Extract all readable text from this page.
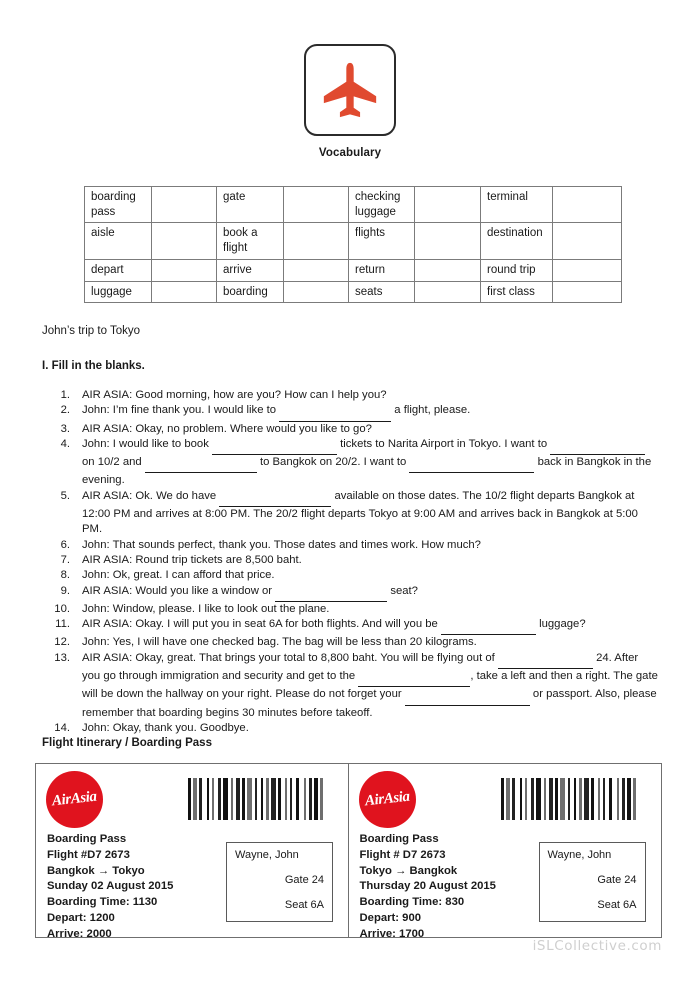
Vocabulary
boarding pass		gate		checking luggage		terminal	
aisle		book a flight		flights		destination	
depart		arrive		return		round trip	
luggage		boarding		seats		first class	
John’s trip to Tokyo
I. Fill in the blanks.
1.	AIR ASIA: Good morning, how are you? How can I help you?
2.	John: I’m fine thank you. I would like to	a flight, please.
3.	AIR ASIA: Okay, no problem. Where would you like to go?
4.	John: I would like to book	tickets to Narita Airport in Tokyo. I want to   on 10/2 and	to Bangkok on 20/2. I want to	back in Bangkok in the evening.
5.	AIR ASIA: Ok. We do have	available on those dates. The 10/2 flight departs Bangkok at 12:00 PM and arrives at 8:00 PM. The 20/2 flight departs Tokyo at 9:00 AM and arrives back in Bangkok at 5:00 PM.
6.	John: That sounds perfect, thank you. Those dates and times work. How much?
7.	AIR ASIA: Round trip tickets are 8,500 baht.
8.	John: Ok, great. I can afford that price.
9.	AIR ASIA: Would you like a window or	seat?
10.	John: Window, please. I like to look out the plane.
11.	AIR ASIA: Okay. I will put you in seat 6A for both flights. And will you be	luggage?
12.	John: Yes, I will have one checked bag. The bag will be less than 20 kilograms.
13.	AIR ASIA: Okay, great. That brings your total to 8,800 baht. You will be flying out of	24. After you go through immigration and security and get to the	, take a left and then a right. The gate will be down the hallway on your right. Please do not forget your	or passport. Also, please remember that boarding begins 30 minutes before takeoff.
14.	John: Okay, thank you. Goodbye.
Flight Itinerary / Boarding Pass
AirAsia
Boarding Pass
Flight #D7 2673
Bangkok → Tokyo
Sunday 02 August 2015
Boarding Time: 1130
Depart: 1200
Arrive: 2000
Wayne, John
Gate 24
Seat 6A
AirAsia
Boarding Pass
Flight # D7 2673
Tokyo → Bangkok
Thursday 20 August 2015
Boarding Time: 830
Depart: 900
Arrive: 1700
Wayne, John
Gate 24
Seat 6A
iSLCollective.com
